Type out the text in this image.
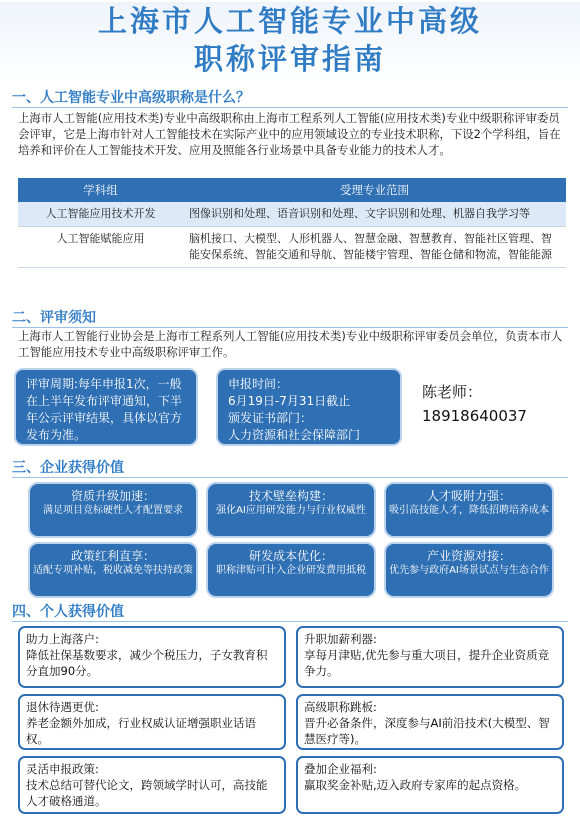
上海市人工智能专业中高级
职称评审指南
一、人工智能专业中高级职称是什么？
上海市人工智能(应用技术类)专业中高级职称由上海市工程系列人工智能(应用技术类)专业中级职称评审委员会评审，它是上海市针对人工智能技术在实际产业中的应用领域设立的专业技术职称，下设2个学科组，旨在培养和评价在人工智能技术开发、应用及照能各行业场景中具备专业能力的技术人才。
学科组	受理专业范围
人工智能应用技术开发	图像识别和处理、语音识别和处理、文字识别和处理、机器自我学习等
人工智能赋能应用	脑机接口、大模型、人形机器人、智慧金融、智慧教育、智能社区管理、智能安保系统、智能交通和导航、智能楼宇管理、智能仓储和物流，智能能源
二、评审须知
上海市人工智能行业协会是上海市工程系列人工智能(应用技术类)专业中级职称评审委员会单位，负责本市人工智能应用技术专业中高级职称评审工作。
评审周期:每年申报1次，一般在上半年发布评审通知，下半年公示评审结果，具体以官方发布为准。
申报时间：
6月19日-7月31日截止
颁发证书部门：
人力资源和社会保障部门
陈老师：
18918640037
三、企业获得价值
资质升级加速：
满足项目竞标硬性人才配置要求
技术壁垒构建：
强化AI应用研发能力与行业权威性
人才吸附力强：
吸引高技能人才，降低招聘培养成本
政策红利直享：
适配专项补贴，税收减免等扶持政策
研发成本优化：
职称津贴可计入企业研发费用抵税
产业资源对接：
优先参与政府AI场景试点与生态合作
四、个人获得价值
助力上海落户:
降低社保基数要求，减少个税压力，子女教育积分直加90分。
升职加薪利器:
享每月津贴,优先参与重大项目，提升企业资质竞争力。
退休待遇更优:
养老金额外加成，行业权威认证增强职业话语权。
高级职称跳板:
晋升必备条件，深度参与AI前沿技术(大模型、智慧医疗等)。
灵活申报政策:
技术总结可替代论文，跨领域学时认可，高技能人才破格通道。
叠加企业福利:
赢取奖金补贴,迈入政府专家库的起点资格。
